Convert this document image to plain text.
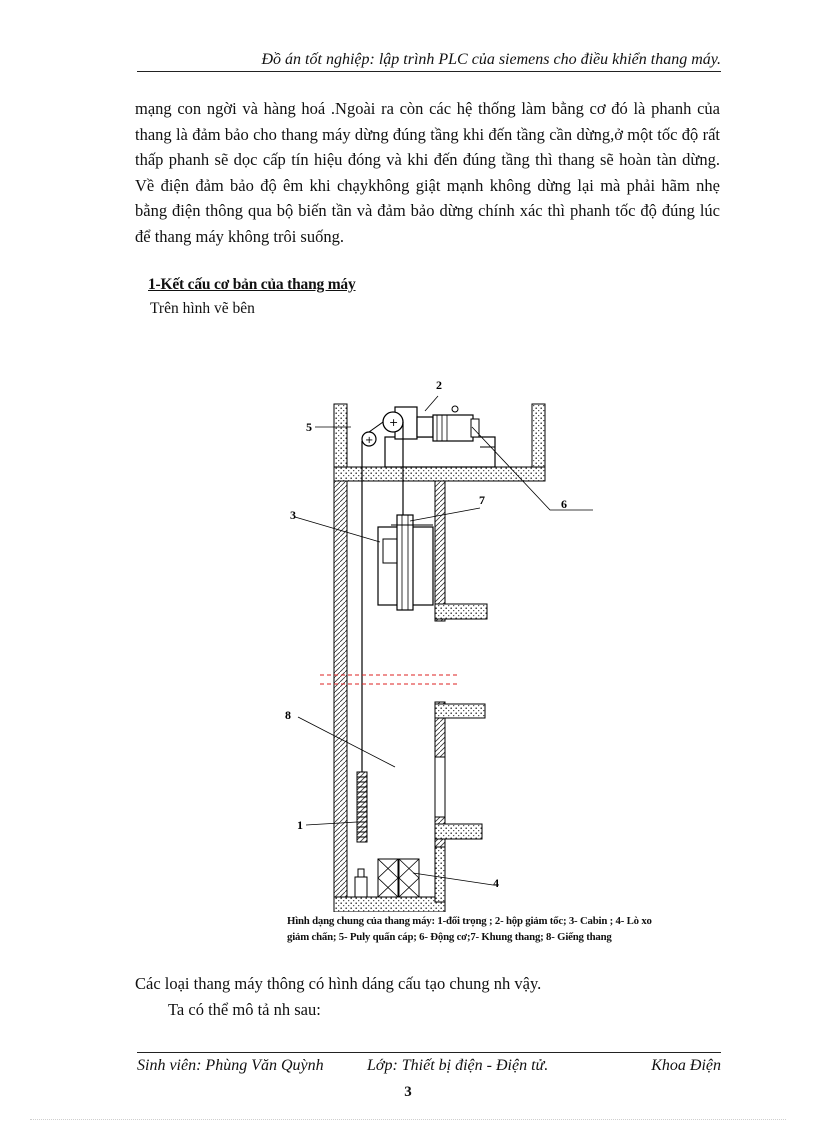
Đồ án tốt nghiệp: lập trình PLC của siemens cho điều khiển thang máy.

mạng con ngời và hàng hoá .Ngoài ra còn các hệ thống làm bằng cơ đó là phanh của thang là đảm bảo cho thang máy dừng đúng tầng khi đến tầng cần dừng,ở một tốc độ rất thấp phanh sẽ dọc cấp tín hiệu đóng và khi đến đúng tầng thì thang sẽ hoàn tàn dừng. Về điện đảm bảo độ êm khi chạykhông giật mạnh không dừng lại mà phải hãm nhẹ bằng điện thông qua bộ biến tần và đảm bảo dừng chính xác thì phanh tốc độ đúng lúc để thang máy không trôi suống.

1-Kết cấu cơ bản của thang máy

Trên hình vẽ bên

+
+
1
2
3
4
5
6
7
8

Hình dạng chung của thang máy: 1-đối trọng ; 2- hộp giảm tốc; 3- Cabin ; 4- Lò xo giảm chấn; 5- Puly quấn cáp; 6- Động cơ;7- Khung thang; 8- Giếng thang

Các loại thang máy thông có hình dáng cấu tạo chung nh vậy.

Ta có thể mô tả nh sau:

Sinh viên: Phùng Văn Quỳnh	Lớp: Thiết bị điện - Điện tử.	Khoa Điện
3
